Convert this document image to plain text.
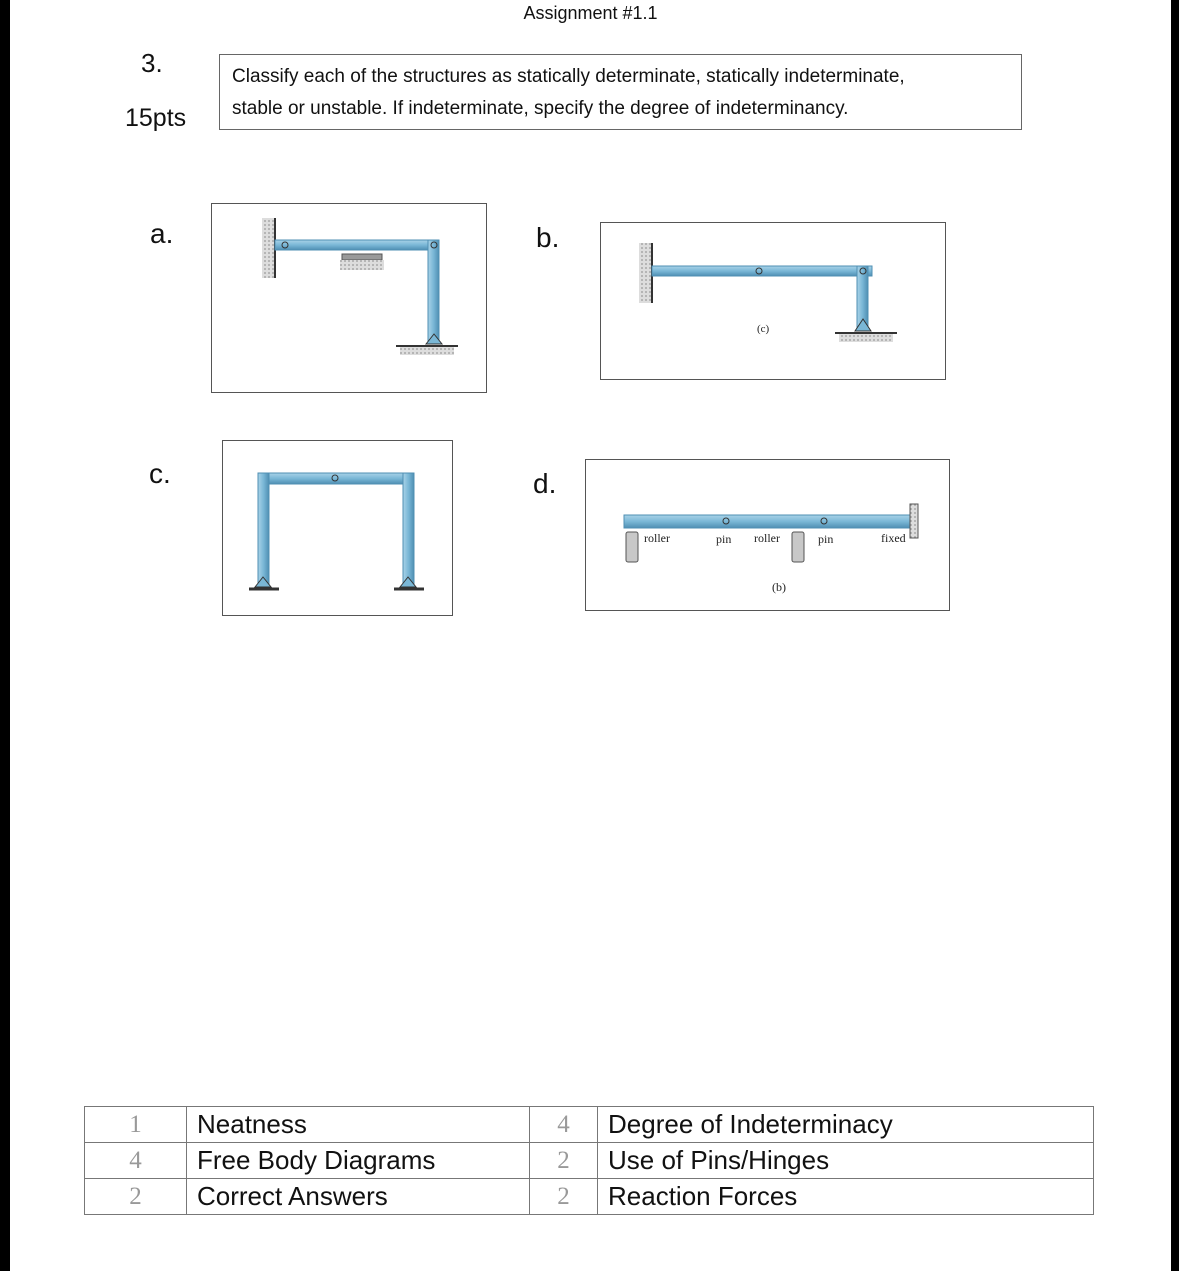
Assignment #1.1
3.
15pts
Classify each of the structures as statically determinate, statically indeterminate,
stable or unstable. If indeterminate, specify the degree of indeterminancy.
a.	b.
c.	d.
(c)
roller	pin roller	pin	fixed
(b)
1	Neatness	4	Degree of Indeterminacy
4	Free Body Diagrams	2	Use of Pins/Hinges
2	Correct Answers	2	Reaction Forces
